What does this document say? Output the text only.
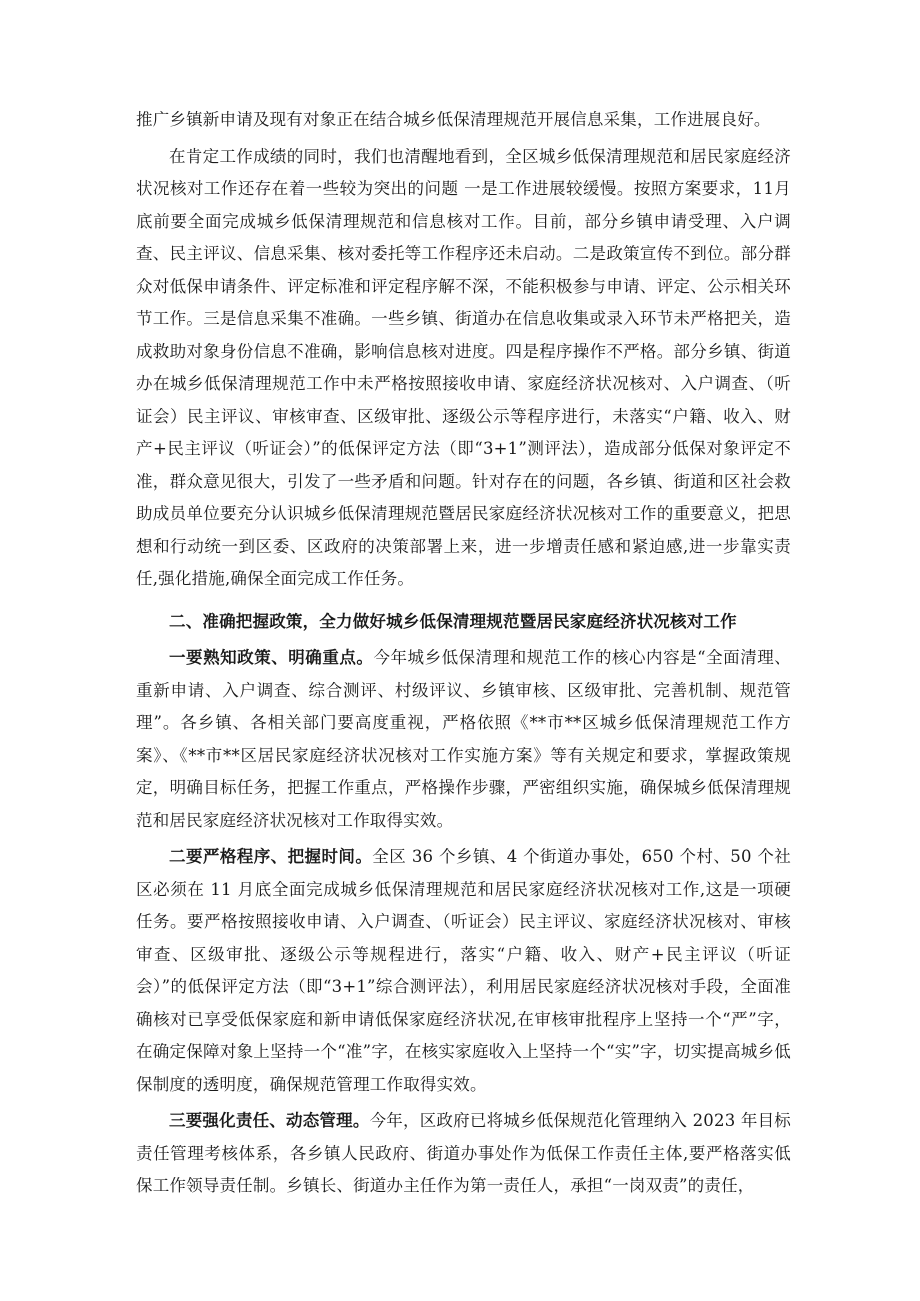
推广乡镇新申请及现有对象正在结合城乡低保清理规范开展信息采集，工作进展良好。

在肯定工作成绩的同时，我们也清醒地看到，全区城乡低保清理规范和居民家庭经济状况核对工作还存在着一些较为突出的问题 一是工作进展较缓慢。按照方案要求，11月底前要全面完成城乡低保清理规范和信息核对工作。目前，部分乡镇申请受理、入户调查、民主评议、信息采集、核对委托等工作程序还未启动。二是政策宣传不到位。部分群众对低保申请条件、评定标准和评定程序解不深，不能积极参与申请、评定、公示相关环节工作。三是信息采集不准确。一些乡镇、街道办在信息收集或录入环节未严格把关，造成救助对象身份信息不准确，影响信息核对进度。四是程序操作不严格。部分乡镇、街道办在城乡低保清理规范工作中未严格按照接收申请、家庭经济状况核对、入户调查、（听证会）民主评议、审核审查、区级审批、逐级公示等程序进行，未落实“户籍、收入、财产+民主评议（听证会）”的低保评定方法（即“3+1”测评法），造成部分低保对象评定不准，群众意见很大，引发了一些矛盾和问题。针对存在的问题，各乡镇、街道和区社会救助成员单位要充分认识城乡低保清理规范暨居民家庭经济状况核对工作的重要意义，把思想和行动统一到区委、区政府的决策部署上来，进一步增责任感和紧迫感,进一步靠实责任,强化措施,确保全面完成工作任务。

二、准确把握政策，全力做好城乡低保清理规范暨居民家庭经济状况核对工作

一要熟知政策、明确重点。今年城乡低保清理和规范工作的核心内容是“全面清理、重新申请、入户调查、综合测评、村级评议、乡镇审核、区级审批、完善机制、规范管理”。各乡镇、各相关部门要高度重视，严格依照《**市**区城乡低保清理规范工作方案》、《**市**区居民家庭经济状况核对工作实施方案》等有关规定和要求，掌握政策规定，明确目标任务，把握工作重点，严格操作步骤，严密组织实施，确保城乡低保清理规范和居民家庭经济状况核对工作取得实效。

二要严格程序、把握时间。全区 36 个乡镇、4 个街道办事处，650 个村、50 个社区必须在 11 月底全面完成城乡低保清理规范和居民家庭经济状况核对工作,这是一项硬任务。要严格按照接收申请、入户调查、（听证会）民主评议、家庭经济状况核对、审核审查、区级审批、逐级公示等规程进行，落实“户籍、收入、财产+民主评议（听证会）”的低保评定方法（即“3+1”综合测评法），利用居民家庭经济状况核对手段，全面准确核对已享受低保家庭和新申请低保家庭经济状况,在审核审批程序上坚持一个“严”字，在确定保障对象上坚持一个“准”字，在核实家庭收入上坚持一个“实”字，切实提高城乡低保制度的透明度，确保规范管理工作取得实效。

三要强化责任、动态管理。今年，区政府已将城乡低保规范化管理纳入 2023 年目标责任管理考核体系，各乡镇人民政府、街道办事处作为低保工作责任主体,要严格落实低保工作领导责任制。乡镇长、街道办主任作为第一责任人，承担“一岗双责”的责任，
